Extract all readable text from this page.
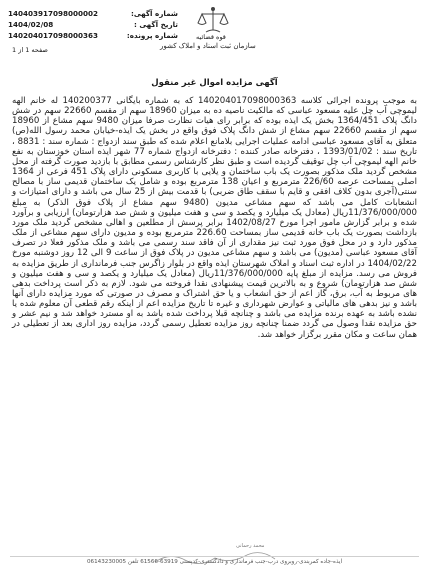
شماره آگهی:
140403917098000002
تاریخ آگهی :
1404/02/08
شماره پرونده:
140204017098000363	قوه قضائیه
سازمان ثبت اسناد و املاک کشور
صفحه 1 از 1
آگهی مزایده اموال غیر منقول
به موجب پرونده اجرائی کلاسه 140204017098000363 که به شماره بایگانی 140200377 له خانم الهه لیموچی آب چل علیه مسعود عباسی که مالکیت ناصیه ده به میزان 18960 سهم از مقسم 22660 سهم در شش دانگ پلاک 1364/451 بخش یک ایذه بوده که برابر رای هیات نظارت صرفا میزان 9480 سهم مشاع از 18960 سهم از مقسم 22660 سهم مشاع از شش دانگ پلاک فوق واقع در بخش یک ایذه-خیابان محمد رسول الله(ص) متعلق به آقای مسعود عباسی ادامه عملیات اجرایی بلامانع اعلام شده که طبق سند ازدواج : شماره سند : 8831 ، تاریخ سند : 1393/01/02 ، دفترخانه صادر کننده : دفترخانه ازدواج شماره 77 شهر ایذه استان خوزستان به نفع خانم الهه لیموچی آب چل توقیف گردیده است و طبق نظر کارشناس رسمی مطابق با بازدید صورت گرفته از محل مشخص گردید ملک مذکور بصورت یک باب ساختمان و یلایی با کاربری مسکونی دارای پلاک 451 فرعی از 1364 اصلی بمساحت عرصه 226/60 مترمربع و اعیان 138 مترمربع بوده و شامل یک ساختمان قدیمی ساز با مصالح سنتی(آجری بدون کلاف افقی و قایم با سقف طاق ضربی) با قدمت بیش از 25 سال می باشد و دارای امتیازات و انشعابات کامل می باشد که سهم مشاعی مدیون (9480 سهم مشاع از پلاک فوق الذکر) به مبلغ 11/376/000/000ریال (معادل یک میلیارد و یکصد و سی و هفت میلیون و شش صد هزارتومان) ارزیابی و برآورد شده و برابر گزارش مامور اجرا مورخ 1402/08/27 برابر پرسش از مطلعین و اهالی مشخص گردید ملک مورد بازداشت بصورت یک باب خانه قدیمی ساز بمساحت 226.60 مترمربع بوده و مدیون دارای سهم مشاعی از ملک مذکور دارد و در محل فوق مورد ثبت نیز مقداری از آن فاقد سند رسمی می باشد و ملک مذکور فعلا در تصرف آقای مسعود عباسی (مدیون) می باشد و سهم مشاعی مدیون در پلاک فوق از ساعت 9 الی 12 روز دوشنبه مورخ 1404/02/22 در اداره ثبت اسناد و املاک شهرستان ایذه واقع در بلوار زاگرس جنب فرمانداری از طریق مزایده به فروش می رسد. مزایده از مبلغ پایه 11/376/000/000ریال (معادل یک میلیارد و یکصد و سی و هفت میلیون و شش صد هزارتومان) شروع و به بالاترین قیمت پیشنهادی نقدا فروخته می شود. لازم به ذکر است پرداخت بدهی های مربوط به آب، برق، گاز اعم از حق انشعاب و یا حق اشتراک و مصرف در صورتی که مورد مزایده دارای آنها باشد و نیز بدهی های مالیاتی و عوارض شهرداری و غیره تا تاریخ مزایده اعم از اینکه رقم قطعی آن معلوم شده یا نشده باشد به عهده برنده مزایده می باشد و چنانچه قبلا پرداخت شده باشد به او مسترد خواهد شد و نیم عشر و حق مزایده نقدا وصول می گردد ضمنا چنانچه روز مزایده تعطیل رسمی گردد، مزایده روز اداری بعد از تعطیلی در همان ساعت و مکان مقرر برگزار خواهد شد.
محمد رحمانی
ایذه-جاده کمربندی-روبروی درب-جنب فرمانداری و دادگستری-کدپستی 63919-61566 تلفن 06143230005
